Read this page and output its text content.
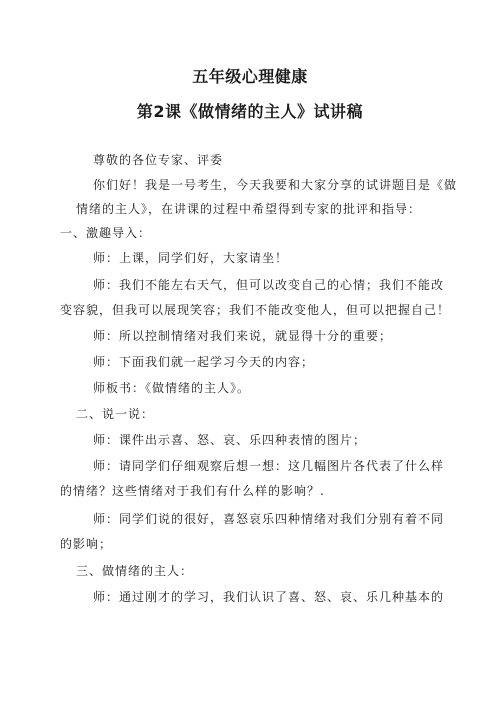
五年级心理健康
第2课《做情绪的主人》试讲稿
尊敬的各位专家、评委
你们好！我是一号考生，今天我要和大家分享的试讲题目是《做
情绪的主人》，在讲课的过程中希望得到专家的批评和指导：
一、激趣导入：
师：上课，同学们好，大家请坐！
师：我们不能左右天气，但可以改变自己的心情；我们不能改
变容貌，但我可以展现笑容；我们不能改变他人，但可以把握自己！
师：所以控制情绪对我们来说，就显得十分的重要；
师：下面我们就一起学习今天的内容；
师板书：《做情绪的主人》。
二、说一说：
师：课件出示喜、怒、哀、乐四种表情的图片；
师：请同学们仔细观察后想一想：这几幅图片各代表了什么样
的情绪？这些情绪对于我们有什么样的影响？.
师：同学们说的很好，喜怒哀乐四种情绪对我们分别有着不同
的影响；
三、做情绪的主人：
师：通过刚才的学习，我们认识了喜、怒、哀、乐几种基本的
